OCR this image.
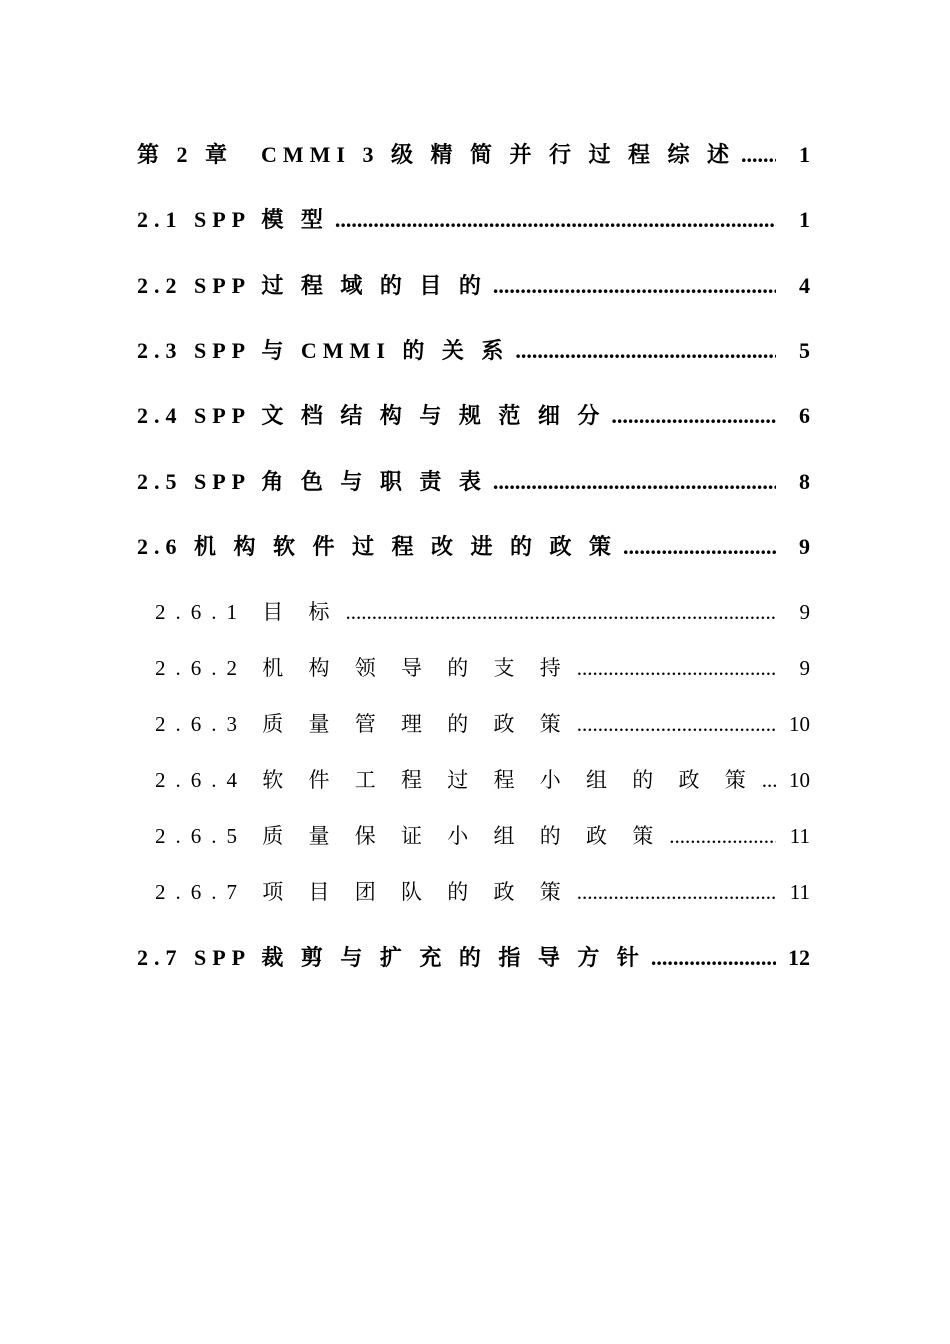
第 2 章　CMMI 3 级 精 简 并 行 过 程 综 述 .....	1
2.1 SPP 模 型 .....	1
2.2 SPP 过 程 域 的 目 的 .....	4
2.3 SPP 与 CMMI 的 关 系 .....	5
2.4 SPP 文 档 结 构 与 规 范 细 分 .....	6
2.5 SPP 角 色 与 职 责 表 .....	8
2.6 机 构 软 件 过 程 改 进 的 政 策 .....	9
2.6.1 目 标 .....	9
2.6.2 机 构 领 导 的 支 持 .....	9
2.6.3 质 量 管 理 的 政 策 .....	10
2.6.4 软 件 工 程 过 程 小 组 的 政 策 .....	10
2.6.5 质 量 保 证 小 组 的 政 策 .....	11
2.6.7 项 目 团 队 的 政 策 .....	11
2.7 SPP 裁 剪 与 扩 充 的 指 导 方 针 .....	12
